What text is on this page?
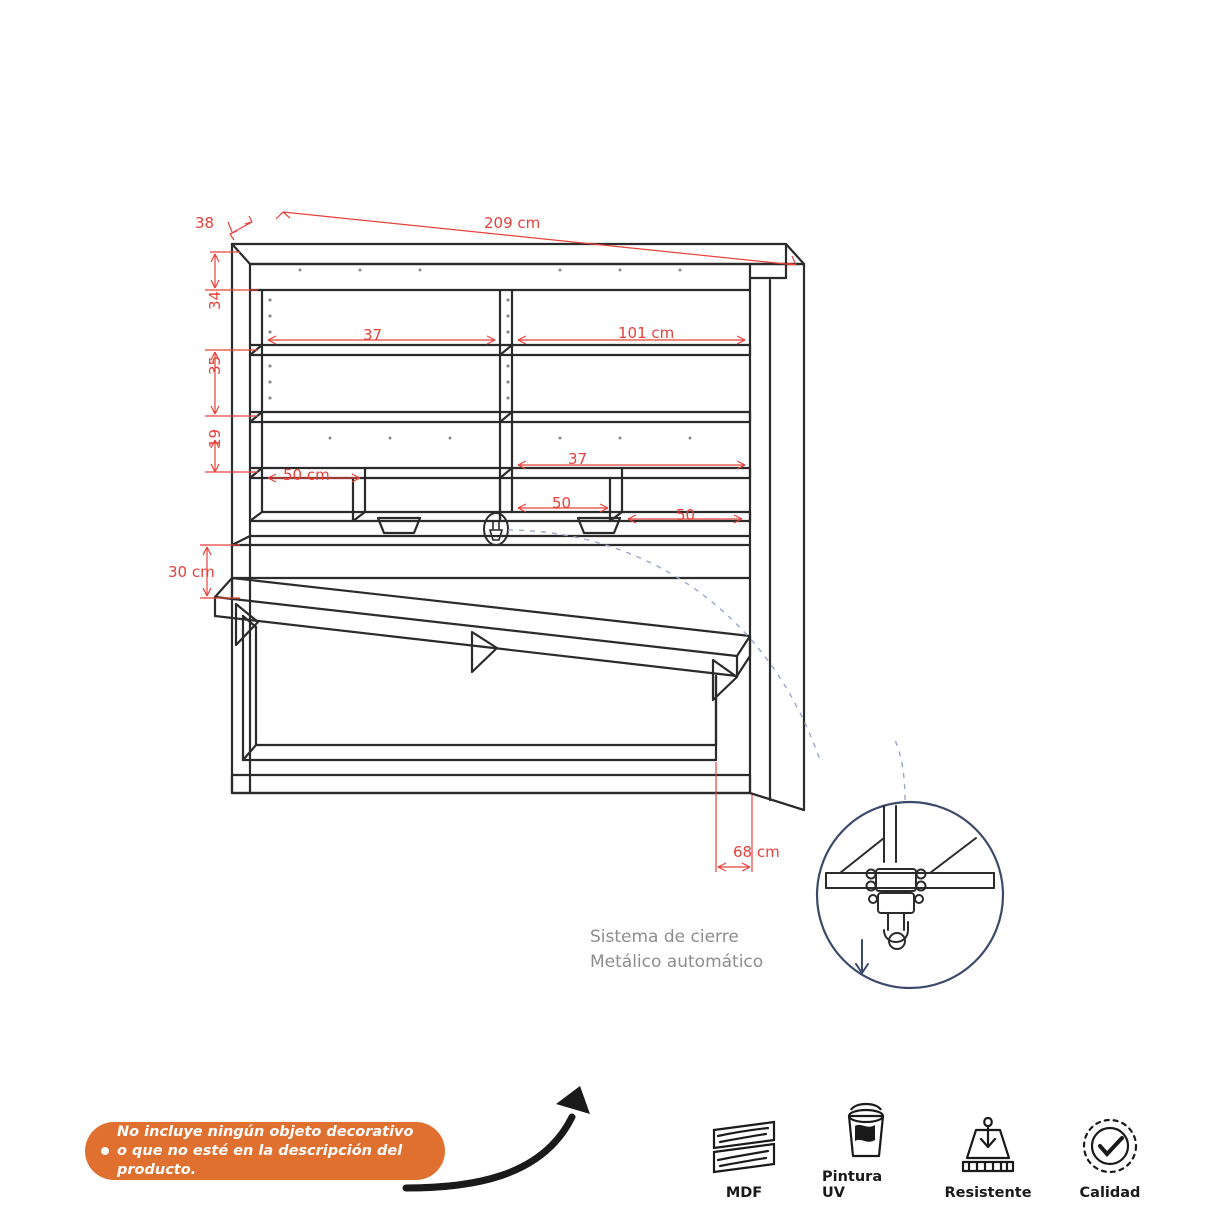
38	209 cm
34
37	101 cm
35
19
50 cm
37
50
50
30 cm
68 cm
Sistema de cierre
Metálico automático
No incluye ningún objeto decorativo
o que no esté en la descripción del producto.
MDF
Pintura UV	Resistente	Calidad
